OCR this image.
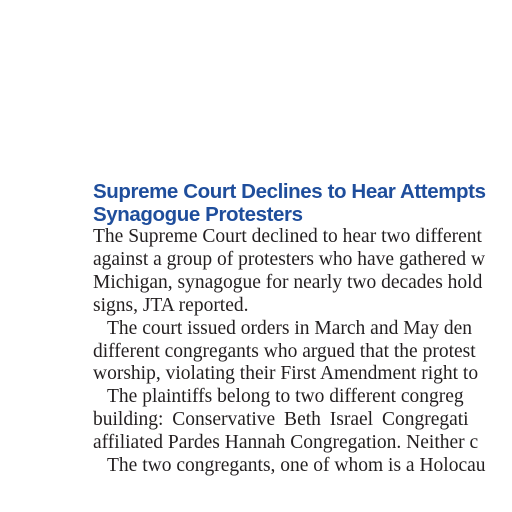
Supreme Court Declines to Hear Attempts
Synagogue Protesters
The Supreme Court declined to hear two different
against a group of protesters who have gathered w
Michigan, synagogue for nearly two decades hold
signs, JTA reported.
The court issued orders in March and May den
different congregants who argued that the protest
worship, violating their First Amendment right to
The plaintiffs belong to two different congreg
building: Conservative Beth Israel Congregati
affiliated Pardes Hannah Congregation. Neither c
The two congregants, one of whom is a Holocau
